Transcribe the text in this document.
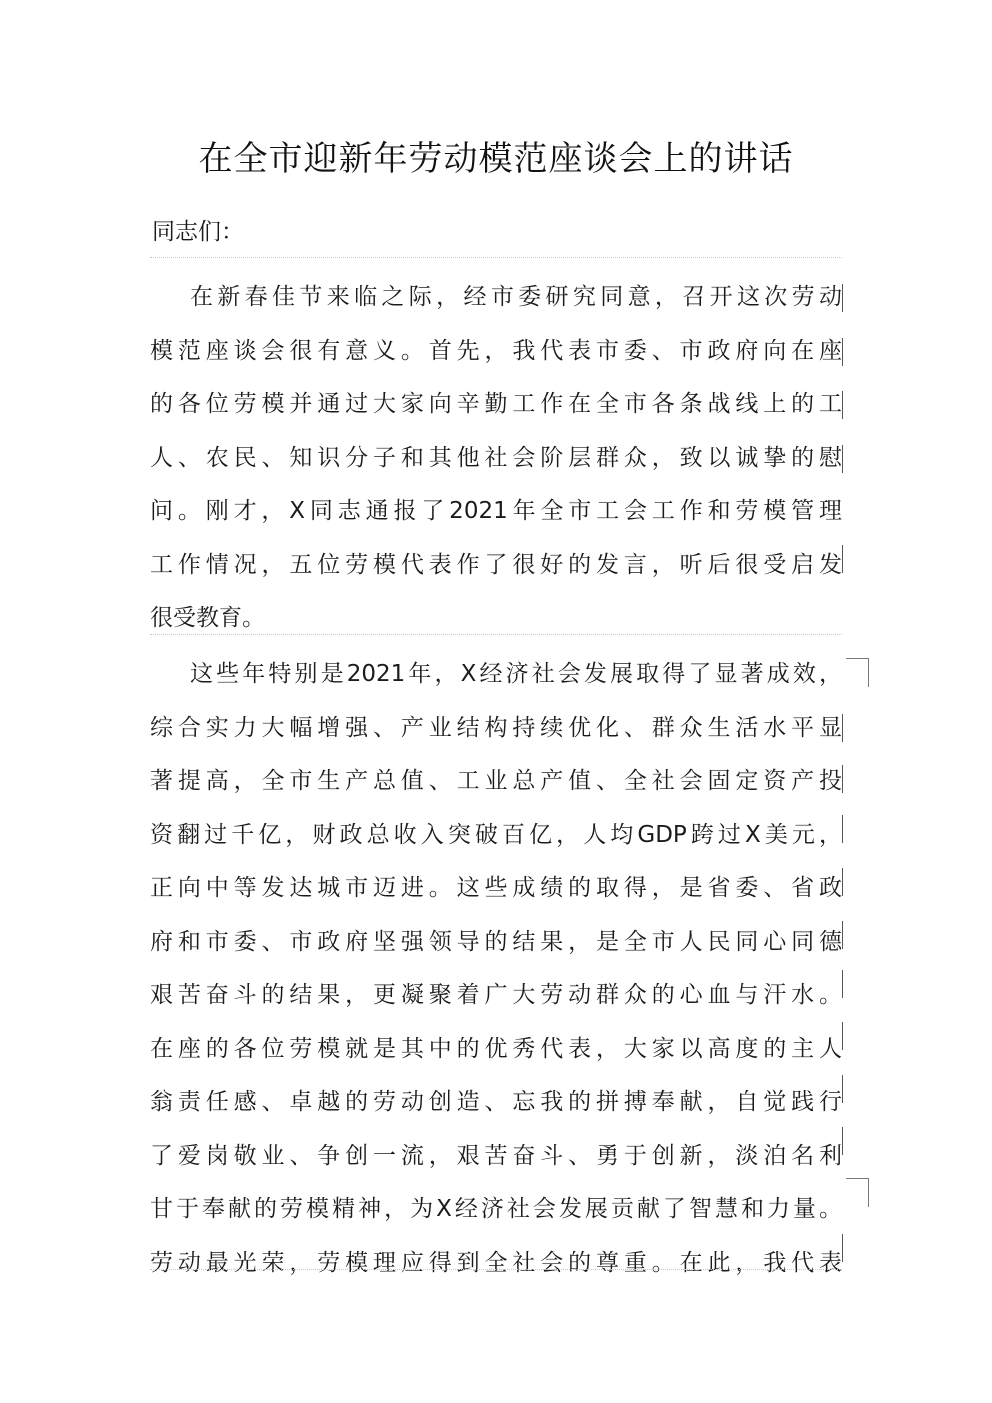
在全市迎新年劳动模范座谈会上的讲话
同志们：
在新春佳节来临之际，经市委研究同意，召开这次劳动
模范座谈会很有意义。首先，我代表市委、市政府向在座
的各位劳模并通过大家向辛勤工作在全市各条战线上的工
人、农民、知识分子和其他社会阶层群众，致以诚挚的慰
问。刚才，X同志通报了2021年全市工会工作和劳模管理
工作情况，五位劳模代表作了很好的发言，听后很受启发
很受教育。
这些年特别是2021年，X经济社会发展取得了显著成效，
综合实力大幅增强、产业结构持续优化、群众生活水平显
著提高，全市生产总值、工业总产值、全社会固定资产投
资翻过千亿，财政总收入突破百亿，人均GDP跨过X美元，
正向中等发达城市迈进。这些成绩的取得，是省委、省政
府和市委、市政府坚强领导的结果，是全市人民同心同德
艰苦奋斗的结果，更凝聚着广大劳动群众的心血与汗水。
在座的各位劳模就是其中的优秀代表，大家以高度的主人
翁责任感、卓越的劳动创造、忘我的拼搏奉献，自觉践行
了爱岗敬业、争创一流，艰苦奋斗、勇于创新，淡泊名利
甘于奉献的劳模精神，为X经济社会发展贡献了智慧和力量。
劳动最光荣，劳模理应得到全社会的尊重。在此，我代表
